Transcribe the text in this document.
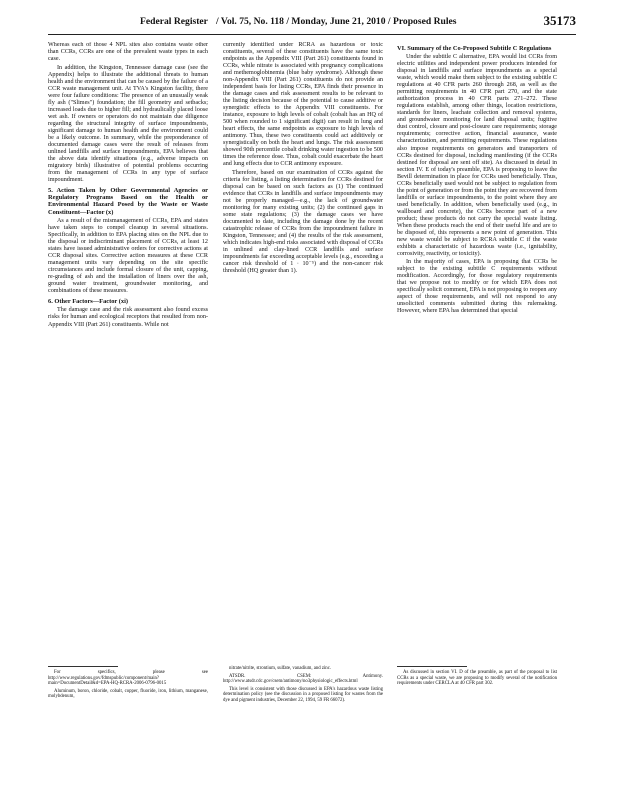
Federal Register / Vol. 75, No. 118 / Monday, June 21, 2010 / Proposed Rules	35173

Whereas each of those 4 NPL sites also contains waste other than CCRs, CCRs are one of the prevalent waste types in each case.

In addition, the Kingston, Tennessee damage case (see the Appendix) helps to illustrate the additional threats to human health and the environment that can be caused by the failure of a CCR waste management unit. At TVA's Kingston facility, there were four failure conditions: The presence of an unusually weak fly ash ("Slimes") foundation; the fill geometry and setbacks; increased loads due to higher fill; and hydraulically placed loose wet ash. If owners or operators do not maintain due diligence regarding the structural integrity of surface impoundments, significant damage to human health and the environment could be a likely outcome. In summary, while the preponderance of documented damage cases were the result of releases from unlined landfills and surface impoundments, EPA believes that the above data identify situations (e.g., adverse impacts on migratory birds) illustrative of potential problems occurring from the management of CCRs in any type of surface impoundment.

5. Action Taken by Other Governmental Agencies or Regulatory Programs Based on the Health or Environmental Hazard Posed by the Waste or Waste Constituent—Factor (x)

As a result of the mismanagement of CCRs, EPA and states have taken steps to compel cleanup in several situations. Specifically, in addition to EPA placing sites on the NPL due to the disposal or indiscriminant placement of CCRs, at least 12 states have issued administrative orders for corrective actions at CCR disposal sites. Corrective action measures at these CCR management units vary depending on the site specific circumstances and include formal closure of the unit, capping, re-grading of ash and the installation of liners over the ash, ground water treatment, groundwater monitoring, and combinations of these measures.

6. Other Factors—Factor (xi)

The damage case and the risk assessment also found excess risks for human and ecological receptors that resulted from non-Appendix VIII (Part 261) constituents. While not

currently identified under RCRA as hazardous or toxic constituents, several of these constituents have the same toxic endpoints as the Appendix VIII (Part 261) constituents found in CCRs, while nitrate is associated with pregnancy complications and methemoglobinemia (blue baby syndrome). Although these non-Appendix VIII (Part 261) constituents do not provide an independent basis for listing CCRs, EPA finds their presence in the damage cases and risk assessment results to be relevant to the listing decision because of the potential to cause additive or synergistic effects to the Appendix VIII constituents. For instance, exposure to high levels of cobalt (cobalt has an HQ of 500 when rounded to 1 significant digit) can result in lung and heart effects, the same endpoints as exposure to high levels of antimony. Thus, these two constituents could act additively or synergistically on both the heart and lungs. The risk assessment showed 90th percentile cobalt drinking water ingestion to be 500 times the reference dose. Thus, cobalt could exacerbate the heart and lung effects due to CCR antimony exposure.

Therefore, based on our examination of CCRs against the criteria for listing, a listing determination for CCRs destined for disposal can be based on such factors as (1) The continued evidence that CCRs in landfills and surface impoundments may not be properly managed—e.g., the lack of groundwater monitoring for many existing units; (2) the continued gaps in some state regulations; (3) the damage cases we have documented to date, including the damage done by the recent catastrophic release of CCRs from the impoundment failure in Kingston, Tennessee; and (4) the results of the risk assessment, which indicates high-end risks associated with disposal of CCRs in unlined and clay-lined CCR landfills and surface impoundments far exceeding acceptable levels (e.g., exceeding a cancer risk threshold of 1 · 10⁻⁵) and the non-cancer risk threshold (HQ greater than 1).

VI. Summary of the Co-Proposed Subtitle C Regulations

Under the subtitle C alternative, EPA would list CCRs from electric utilities and independent power producers intended for disposal in landfills and surface impoundments as a special waste, which would make them subject to the existing subtitle C regulations at 40 CFR parts 260 through 268, as well as the permitting requirements in 40 CFR part 270, and the state authorization process in 40 CFR parts 271–272. These regulations establish, among other things, location restrictions, standards for liners, leachate collection and removal systems, and groundwater monitoring for land disposal units; fugitive dust control, closure and post-closure care requirements; storage requirements; corrective action, financial assurance, waste characterization, and permitting requirements. These regulations also impose requirements on generators and transporters of CCRs destined for disposal, including manifesting (if the CCRs destined for disposal are sent off site). As discussed in detail in section IV. E of today's preamble, EPA is proposing to leave the Bevill determination in place for CCRs used beneficially. Thus, CCRs beneficially used would not be subject to regulation from the point of generation or from the point they are recovered from landfills or surface impoundments, to the point where they are used beneficially. In addition, when beneficially used (e.g., in wallboard and concrete), the CCRs become part of a new product; these products do not carry the special waste listing. When these products reach the end of their useful life and are to be disposed of, this represents a new point of generation. This new waste would be subject to RCRA subtitle C if the waste exhibits a characteristic of hazardous waste (i.e., ignitability, corrosivity, reactivity, or toxicity).

In the majority of cases, EPA is proposing that CCRs be subject to the existing subtitle C requirements without modification. Accordingly, for those regulatory requirements that we propose not to modify or for which EPA does not specifically solicit comment, EPA is not proposing to reopen any aspect of those requirements, and will not respond to any unsolicited comments submitted during this rulemaking. However, where EPA has determined that special

For specifics, please see http://www.regulations.gov/fdmspublic/component/main?main=DocumentDetail&d=EPA-HQ-RCRA-2006-0796-0015

Aluminum, boron, chloride, cobalt, copper, fluoride, iron, lithium, manganese, molybdenum,

nitrate/nitrite, strontium, sulfate, vanadium, and zinc.

ATSDR. CSEM: Antimony. http://www.atsdr.cdc.gov/csem/antimony/no3physiologic_effects.html

This level is consistent with those discussed in EPA's hazardous waste listing determination policy (see the discussion in a proposed listing for wastes from the dye and pigment industries, December 22, 1994, 59 FR 66072).

As discussed in section VI. D of the preamble, as part of the proposal to list CCRs as a special waste, we are proposing to modify several of the notification requirements under CERCLA at 40 CFR part 302.
